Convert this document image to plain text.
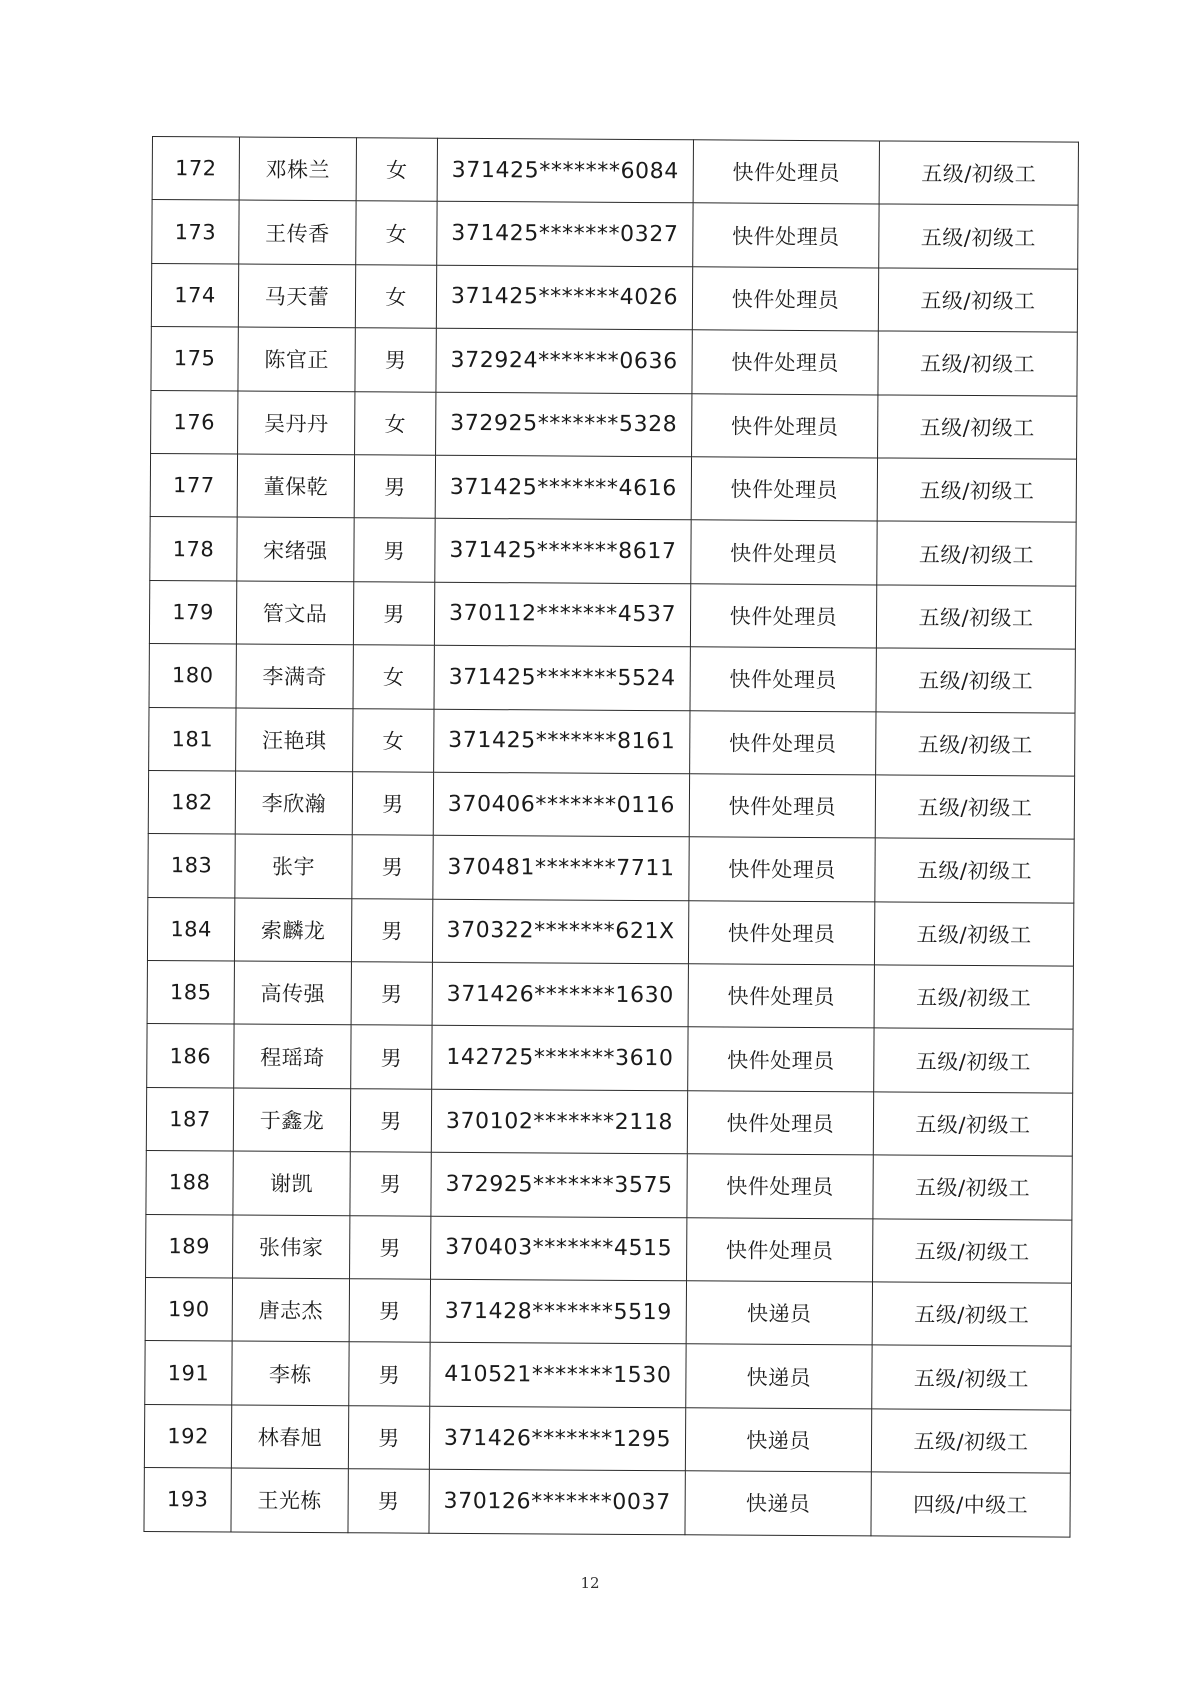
172	邓株兰	女	371425*******6084	快件处理员	五级/初级工
173	王传香	女	371425*******0327	快件处理员	五级/初级工
174	马天蕾	女	371425*******4026	快件处理员	五级/初级工
175	陈官正	男	372924*******0636	快件处理员	五级/初级工
176	吴丹丹	女	372925*******5328	快件处理员	五级/初级工
177	董保乾	男	371425*******4616	快件处理员	五级/初级工
178	宋绪强	男	371425*******8617	快件处理员	五级/初级工
179	管文品	男	370112*******4537	快件处理员	五级/初级工
180	李满奇	女	371425*******5524	快件处理员	五级/初级工
181	汪艳琪	女	371425*******8161	快件处理员	五级/初级工
182	李欣瀚	男	370406*******0116	快件处理员	五级/初级工
183	张宇	男	370481*******7711	快件处理员	五级/初级工
184	索麟龙	男	370322*******621X	快件处理员	五级/初级工
185	高传强	男	371426*******1630	快件处理员	五级/初级工
186	程瑶琦	男	142725*******3610	快件处理员	五级/初级工
187	于鑫龙	男	370102*******2118	快件处理员	五级/初级工
188	谢凯	男	372925*******3575	快件处理员	五级/初级工
189	张伟家	男	370403*******4515	快件处理员	五级/初级工
190	唐志杰	男	371428*******5519	快递员	五级/初级工
191	李栋	男	410521*******1530	快递员	五级/初级工
192	林春旭	男	371426*******1295	快递员	五级/初级工
193	王光栋	男	370126*******0037	快递员	四级/中级工
12
